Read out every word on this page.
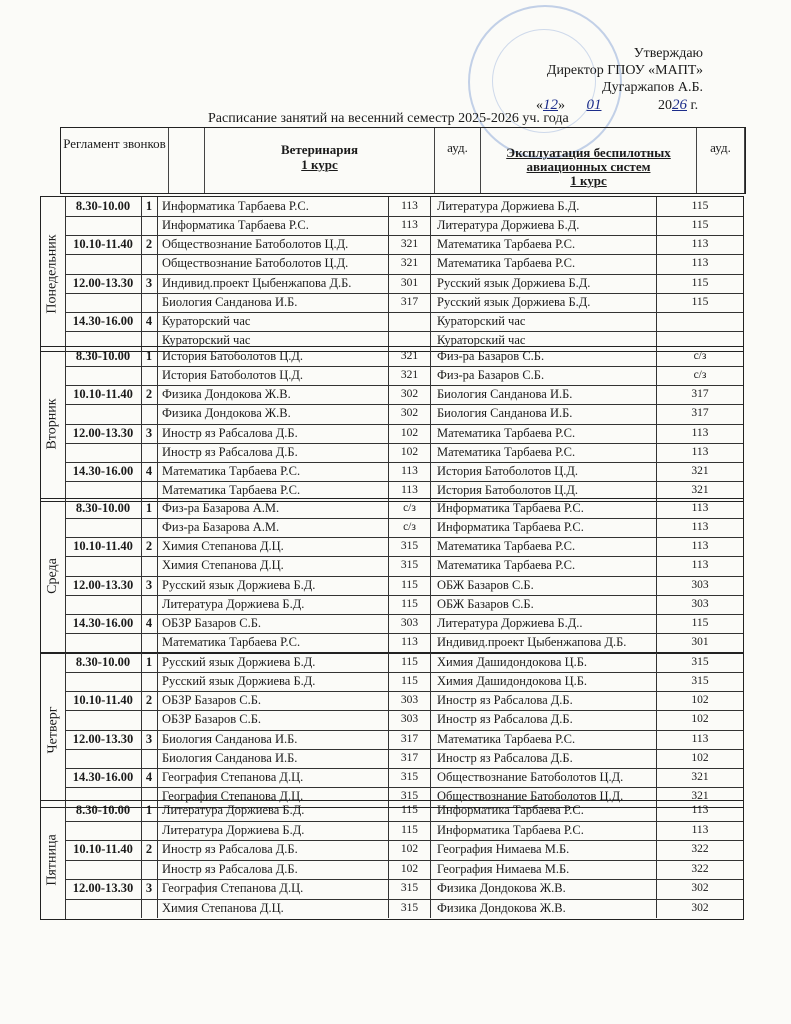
Утверждаю
Директор ГПОУ «МАПТ»
Дугаржапов А.Б.
«12» 01	2026 г.
Расписание занятий на весенний семестр 2025-2026 уч. года
Регламент звонков	Ветеринария
1 курс
ауд.	Эксплуатация беспилотных авиационных систем
1 курс
ауд.
Понедельник
8.30-10.00	1 Информатика Тарбаева Р.С.	113	Литература Доржиева Б.Д.	115
Информатика Тарбаева Р.С.	113	Литература Доржиева Б.Д.	115
10.10-11.40	2 Обществознание Батоболотов Ц.Д.	321	Математика Тарбаева Р.С.	113
Обществознание Батоболотов Ц.Д.	321	Математика Тарбаева Р.С.	113
12.00-13.30	3 Индивид.проект Цыбенжапова Д.Б.	301	Русский язык Доржиева Б.Д.	115
Биология Санданова И.Б.	317	Русский язык Доржиева Б.Д.	115
14.30-16.00	4 Кураторский час	Кураторский час
Кураторский час	Кураторский час
Вторник
8.30-10.00	1 История Батоболотов Ц.Д.	321	Физ-ра Базаров С.Б.	с/з
История Батоболотов Ц.Д.	321	Физ-ра Базаров С.Б.	с/з
10.10-11.40	2 Физика Дондокова Ж.В.	302	Биология Санданова И.Б.	317
Физика Дондокова Ж.В.	302	Биология Санданова И.Б.	317
12.00-13.30	3 Иностр яз Рабсалова Д.Б.	102	Математика Тарбаева Р.С.	113
Иностр яз Рабсалова Д.Б.	102	Математика Тарбаева Р.С.	113
14.30-16.00	4 Математика Тарбаева Р.С.	113	История Батоболотов Ц.Д.	321
Математика Тарбаева Р.С.	113	История Батоболотов Ц.Д.	321
Среда
8.30-10.00	1 Физ-ра Базарова А.М.	с/з	Информатика Тарбаева Р.С.	113
Физ-ра Базарова А.М.	с/з	Информатика Тарбаева Р.С.	113
10.10-11.40	2 Химия Степанова Д.Ц.	315	Математика Тарбаева Р.С.	113
Химия Степанова Д.Ц.	315	Математика Тарбаева Р.С.	113
12.00-13.30	3 Русский язык Доржиева Б.Д.	115	ОБЖ Базаров С.Б.	303
Литература Доржиева Б.Д.	115	ОБЖ Базаров С.Б.	303
14.30-16.00	4 ОБЗР Базаров С.Б.	303	Литература Доржиева Б.Д..	115
Математика Тарбаева Р.С.	113	Индивид.проект Цыбенжапова Д.Б.	301
Четверг
8.30-10.00	1 Русский язык Доржиева Б.Д.	115	Химия Дашидондокова Ц.Б.	315
Русский язык Доржиева Б.Д.	115	Химия Дашидондокова Ц.Б.	315
10.10-11.40	2 ОБЗР Базаров С.Б.	303	Иностр яз Рабсалова Д.Б.	102
ОБЗР Базаров С.Б.	303	Иностр яз Рабсалова Д.Б.	102
12.00-13.30	3 Биология Санданова И.Б.	317	Математика Тарбаева Р.С.	113
Биология Санданова И.Б.	317	Иностр яз Рабсалова Д.Б.	102
14.30-16.00	4 География Степанова Д.Ц.	315	Обществознание Батоболотов Ц.Д.	321
География Степанова Д.Ц.	315	Обществознание Батоболотов Ц.Д.	321
Пятница
8.30-10.00	1 Литература Доржиева Б.Д.	115	Информатика Тарбаева Р.С.	113
Литература Доржиева Б.Д.	115	Информатика Тарбаева Р.С.	113
10.10-11.40	2 Иностр яз Рабсалова Д.Б.	102	География Нимаева М.Б.	322
Иностр яз Рабсалова Д.Б.	102	География Нимаева М.Б.	322
12.00-13.30	3 География Степанова Д.Ц.	315	Физика Дондокова Ж.В.	302
Химия Степанова Д.Ц.	315	Физика Дондокова Ж.В.	302
